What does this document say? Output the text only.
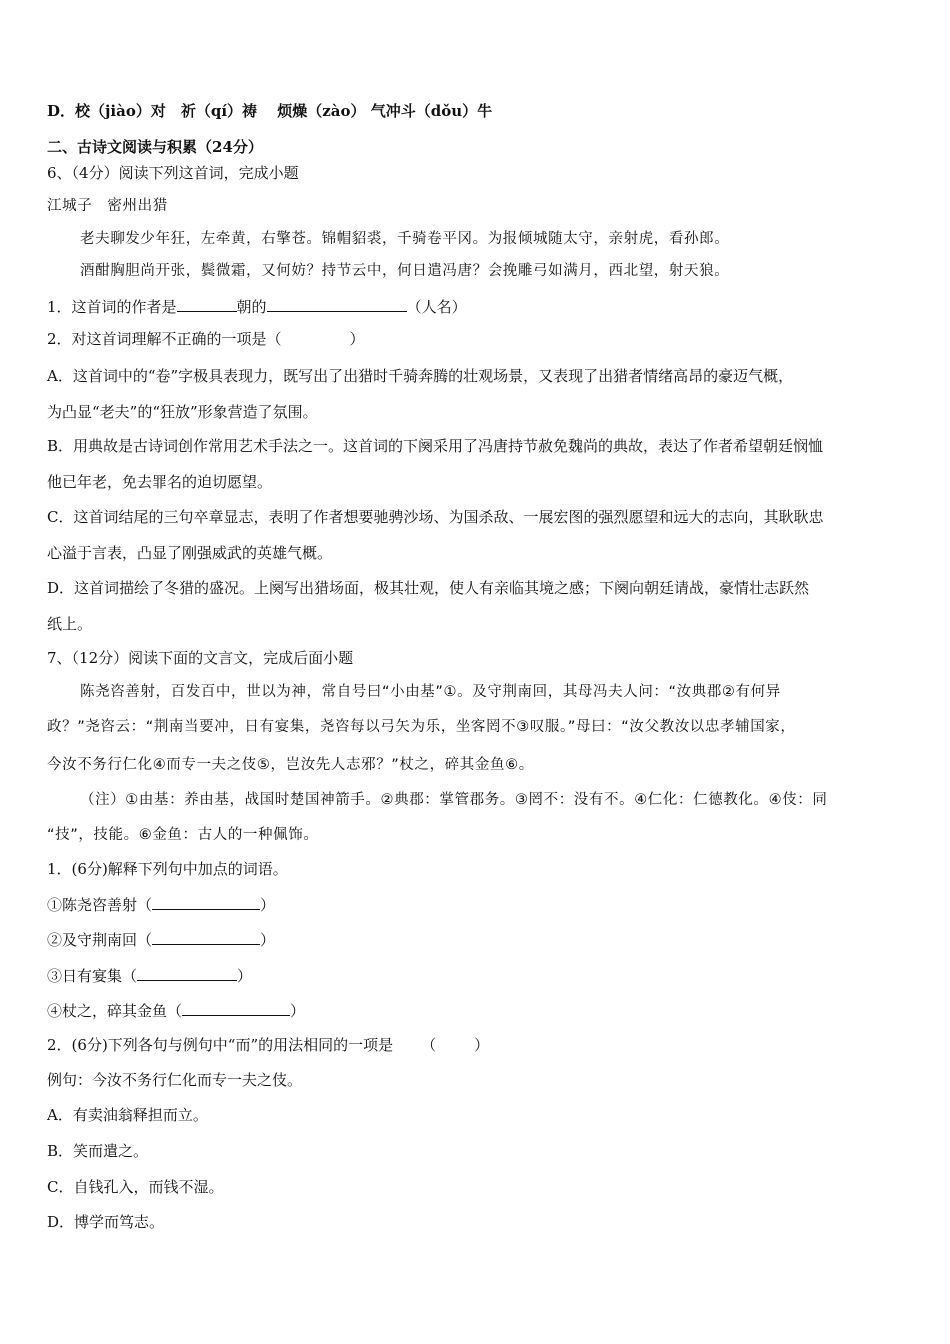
D．校（jiào）对　祈（qí）祷　 烦燥（zào） 气冲斗（dǒu）牛
二、古诗文阅读与积累（24分）
6、（4分）阅读下列这首词，完成小题
江城子　密州出猎
老夫聊发少年狂，左牵黄，右擎苍。锦帽貂裘，千骑卷平冈。为报倾城随太守，亲射虎，看孙郎。
酒酣胸胆尚开张，鬓微霜，又何妨？持节云中，何日遣冯唐？会挽雕弓如满月，西北望，射天狼。
1．这首词的作者是	朝的	（人名）
2．对这首词理解不正确的一项是（	）
A．这首词中的“卷”字极具表现力，既写出了出猎时千骑奔腾的壮观场景，又表现了出猎者情绪高昂的豪迈气概，
为凸显“老夫”的“狂放”形象营造了氛围。
B．用典故是古诗词创作常用艺术手法之一。这首词的下阕采用了冯唐持节赦免魏尚的典故，表达了作者希望朝廷悯恤
他已年老，免去罪名的迫切愿望。
C．这首词结尾的三句卒章显志，表明了作者想要驰骋沙场、为国杀敌、一展宏图的强烈愿望和远大的志向，其耿耿忠
心溢于言表，凸显了刚强威武的英雄气概。
D．这首词描绘了冬猎的盛况。上阕写出猎场面，极其壮观，使人有亲临其境之感；下阕向朝廷请战，豪情壮志跃然
纸上。
7、（12分）阅读下面的文言文，完成后面小题
陈尧咨善射，百发百中，世以为神，常自号曰“小由基”①。及守荆南回，其母冯夫人问：“汝典郡②有何异
政？”尧咨云：“荆南当要冲，日有宴集，尧咨每以弓矢为乐，坐客罔不③叹服。”母曰：“汝父教汝以忠孝辅国家，
今汝不务行仁化④而专一夫之伎⑤，岂汝先人志邪？”杖之，碎其金鱼⑥。
（注）①由基：养由基，战国时楚国神箭手。②典郡：掌管郡务。③罔不：没有不。④仁化：仁德教化。④伎：同
“技”，技能。⑥金鱼：古人的一种佩饰。
1．(6分)解释下列句中加点的词语。
①陈尧咨善射（	）
②及守荆南回（	）
③日有宴集（	）
④杖之，碎其金鱼（	）
2．(6分)下列各句与例句中“而”的用法相同的一项是 （	）
例句：今汝不务行仁化而专一夫之伎。
A．有卖油翁释担而立。
B．笑而遣之。
C．自钱孔入，而钱不湿。
D．博学而笃志。
